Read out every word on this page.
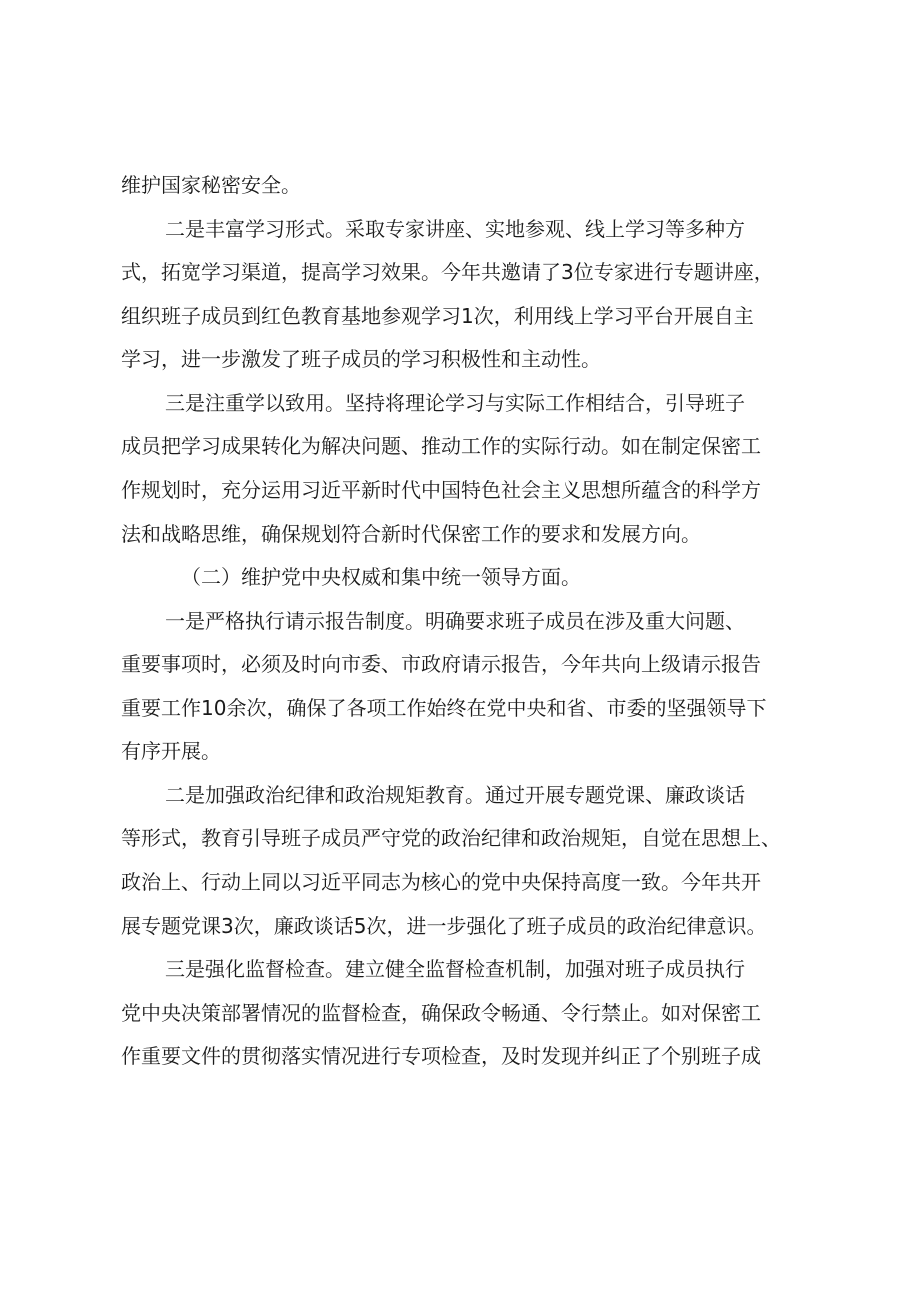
维护国家秘密安全。
二是丰富学习形式。采取专家讲座、实地参观、线上学习等多种方
式，拓宽学习渠道，提高学习效果。今年共邀请了3位专家进行专题讲座，
组织班子成员到红色教育基地参观学习1次，利用线上学习平台开展自主
学习，进一步激发了班子成员的学习积极性和主动性。
三是注重学以致用。坚持将理论学习与实际工作相结合，引导班子
成员把学习成果转化为解决问题、推动工作的实际行动。如在制定保密工
作规划时，充分运用习近平新时代中国特色社会主义思想所蕴含的科学方
法和战略思维，确保规划符合新时代保密工作的要求和发展方向。
（二）维护党中央权威和集中统一领导方面。
一是严格执行请示报告制度。明确要求班子成员在涉及重大问题、
重要事项时，必须及时向市委、市政府请示报告，今年共向上级请示报告
重要工作10余次，确保了各项工作始终在党中央和省、市委的坚强领导下
有序开展。
二是加强政治纪律和政治规矩教育。通过开展专题党课、廉政谈话
等形式，教育引导班子成员严守党的政治纪律和政治规矩，自觉在思想上、
政治上、行动上同以习近平同志为核心的党中央保持高度一致。今年共开
展专题党课3次，廉政谈话5次，进一步强化了班子成员的政治纪律意识。
三是强化监督检查。建立健全监督检查机制，加强对班子成员执行
党中央决策部署情况的监督检查，确保政令畅通、令行禁止。如对保密工
作重要文件的贯彻落实情况进行专项检查，及时发现并纠正了个别班子成
